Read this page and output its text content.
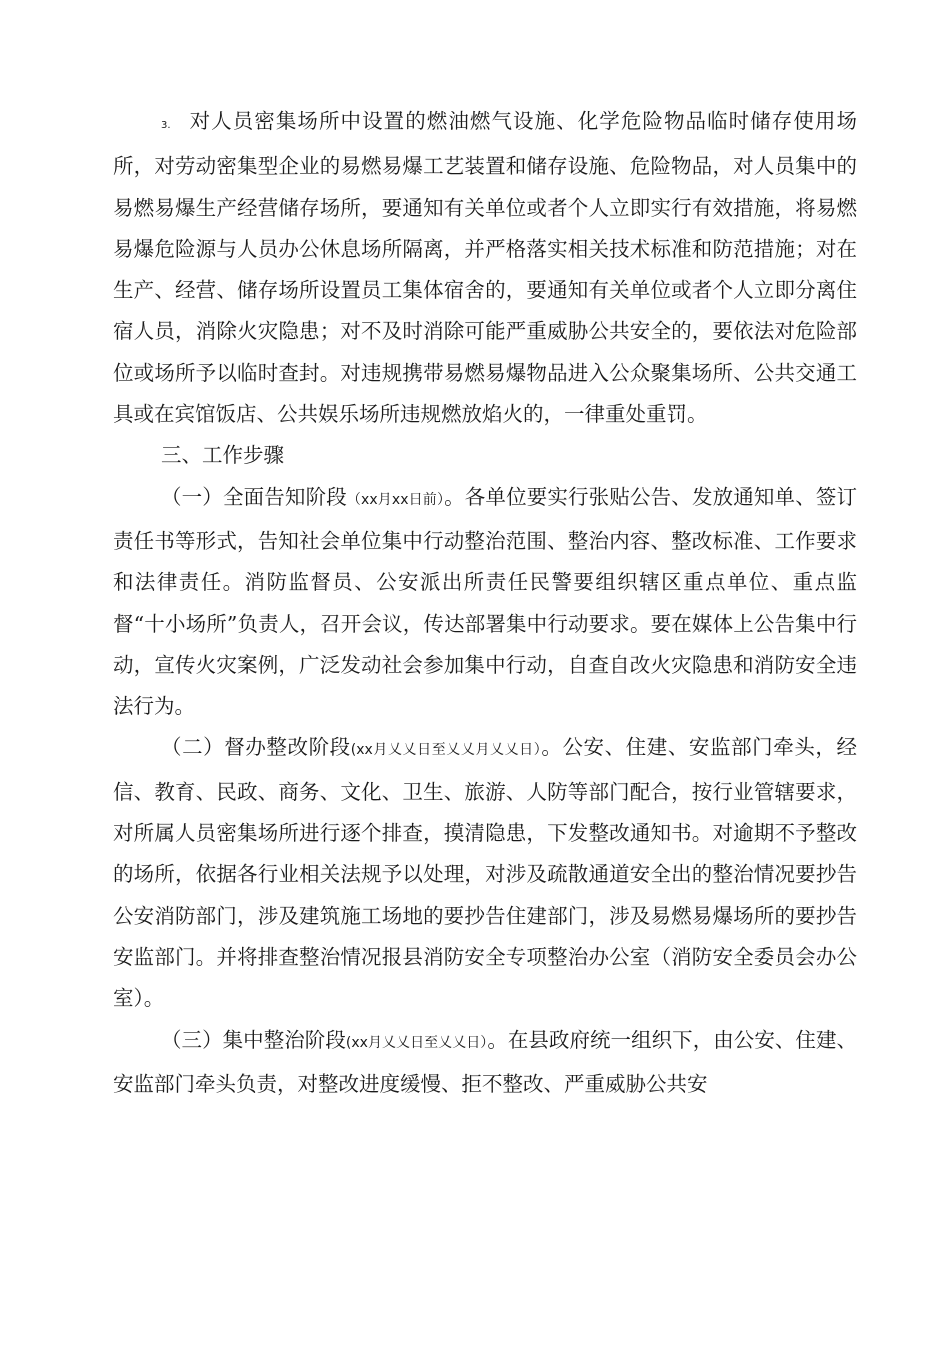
3. 对人员密集场所中设置的燃油燃气设施、化学危险物品临时储存使用场所，对劳动密集型企业的易燃易爆工艺装置和储存设施、危险物品，对人员集中的易燃易爆生产经营储存场所，要通知有关单位或者个人立即实行有效措施，将易燃易爆危险源与人员办公休息场所隔离，并严格落实相关技术标准和防范措施；对在生产、经营、储存场所设置员工集体宿舍的，要通知有关单位或者个人立即分离住宿人员，消除火灾隐患；对不及时消除可能严重威胁公共安全的，要依法对危险部位或场所予以临时查封。对违规携带易燃易爆物品进入公众聚集场所、公共交通工具或在宾馆饭店、公共娱乐场所违规燃放焰火的，一律重处重罚。

三、工作步骤

（一）全面告知阶段（xx月xx日前）。各单位要实行张贴公告、发放通知单、签订责任书等形式，告知社会单位集中行动整治范围、整治内容、整改标准、工作要求和法律责任。消防监督员、公安派出所责任民警要组织辖区重点单位、重点监督“十小场所”负责人，召开会议，传达部署集中行动要求。要在媒体上公告集中行动，宣传火灾案例，广泛发动社会参加集中行动，自查自改火灾隐患和消防安全违法行为。

（二）督办整改阶段(xx月乂乂日至乂乂月乂乂日）。公安、住建、安监部门牵头，经信、教育、民政、商务、文化、卫生、旅游、人防等部门配合，按行业管辖要求，对所属人员密集场所进行逐个排查，摸清隐患，下发整改通知书。对逾期不予整改的场所，依据各行业相关法规予以处理，对涉及疏散通道安全出的整治情况要抄告公安消防部门，涉及建筑施工场地的要抄告住建部门，涉及易燃易爆场所的要抄告安监部门。并将排查整治情况报县消防安全专项整治办公室（消防安全委员会办公室）。

（三）集中整治阶段(xx月乂乂日至乂乂日）。在县政府统一组织下，由公安、住建、安监部门牵头负责，对整改进度缓慢、拒不整改、严重威胁公共安
